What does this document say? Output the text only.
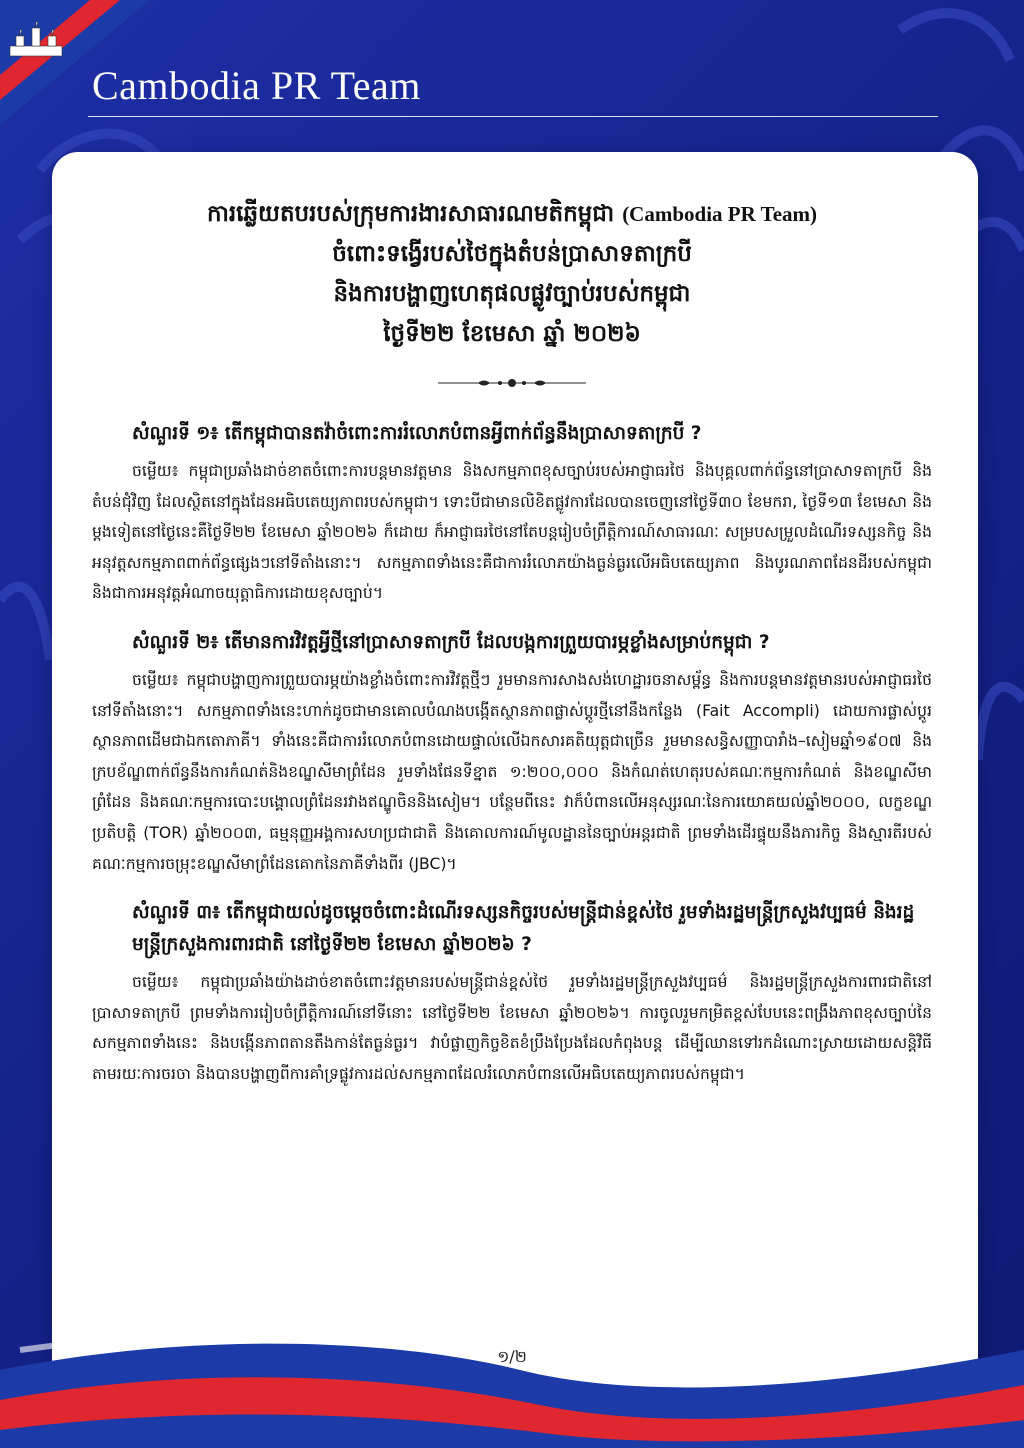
Cambodia PR Team

ការឆ្លើយតបរបស់ក្រុមការងារសាធារណមតិកម្ពុជា (Cambodia PR Team)

ចំពោះទង្វើរបស់ថៃក្នុងតំបន់ប្រាសាទតាក្របី

និងការបង្ហាញហេតុផលផ្លូវច្បាប់របស់កម្ពុជា

ថ្ងៃទី២២ ខែមេសា ឆ្នាំ ២០២៦

សំណួរទី ១៖ តើកម្ពុជាបានតវ៉ាចំពោះការរំលោភបំពានអ្វីពាក់ព័ន្ធនឹងប្រាសាទតាក្របី ?

ចម្លើយ៖ កម្ពុជាប្រឆាំងដាច់ខាតចំពោះការបន្តមានវត្តមាន និងសកម្មភាពខុសច្បាប់របស់អាជ្ញាធរថៃ និងបុគ្គលពាក់ព័ន្ធនៅប្រាសាទតាក្របី និងតំបន់ជុំវិញ ដែលស្ថិតនៅក្នុងដែនអធិបតេយ្យភាពរបស់កម្ពុជា។ ទោះបីជាមានលិខិតផ្លូវការដែលបានចេញនៅថ្ងៃទី៣០ ខែមករា, ថ្ងៃទី១៣ ខែមេសា និងម្តងទៀតនៅថ្ងៃនេះគឺថ្ងៃទី២២ ខែមេសា ឆ្នាំ២០២៦ ក៏ដោយ ក៏អាជ្ញាធរថៃនៅតែបន្តរៀបចំព្រឹត្តិការណ៍សាធារណៈ សម្របសម្រួលដំណើរទស្សនកិច្ច និងអនុវត្តសកម្មភាពពាក់ព័ន្ធផ្សេងៗនៅទីតាំងនោះ។ សកម្មភាពទាំងនេះគឺជាការរំលោភយ៉ាងធ្ងន់ធ្ងរលើអធិបតេយ្យភាព និងបូរណភាពដែនដីរបស់កម្ពុជា និងជាការអនុវត្តអំណាចយុត្តាធិការដោយខុសច្បាប់។

សំណួរទី ២៖ តើមានការវិវត្តអ្វីថ្មីនៅប្រាសាទតាក្របី ដែលបង្កការព្រួយបារម្ភខ្លាំងសម្រាប់កម្ពុជា ?

ចម្លើយ៖ កម្ពុជាបង្ហាញការព្រួយបារម្ភយ៉ាងខ្លាំងចំពោះការវិវត្តថ្មីៗ រួមមានការសាងសង់ហេដ្ឋារចនាសម្ព័ន្ធ និងការបន្តមានវត្តមានរបស់អាជ្ញាធរថៃនៅទីតាំងនោះ។ សកម្មភាពទាំងនេះហាក់ដូចជាមានគោលបំណងបង្កើតស្ថានភាពផ្លាស់ប្តូរថ្មីនៅនឹងកន្លែង (Fait Accompli) ដោយការផ្លាស់ប្តូរស្ថានភាពដើមជាឯកតោភាគី។ ទាំងនេះគឺជាការរំលោភបំពានដោយផ្ទាល់លើឯកសារគតិយុត្តជាច្រើន រួមមានសន្ធិសញ្ញាបារាំង–សៀមឆ្នាំ១៩០៧ និងក្របខ័ណ្ឌពាក់ព័ន្ធនឹងការកំណត់និងខណ្ឌសីមាព្រំដែន រួមទាំងផែនទីខ្នាត ១:២០០,០០០ និងកំណត់ហេតុរបស់គណៈកម្មការកំណត់ និងខណ្ឌសីមាព្រំដែន និងគណៈកម្មការបោះបង្គោលព្រំដែនរវាងឥណ្ឌូចិននិងសៀម។ បន្ថែមពីនេះ វាក៏បំពានលើអនុស្សរណៈនៃការយោគយល់ឆ្នាំ២០០០, លក្ខខណ្ឌប្រតិបត្តិ (TOR) ឆ្នាំ២០០៣, ធម្មនុញ្ញអង្គការសហប្រជាជាតិ និងគោលការណ៍មូលដ្ឋាននៃច្បាប់អន្តរជាតិ ព្រមទាំងដើរផ្ទុយនឹងភារកិច្ច និងស្មារតីរបស់គណៈកម្មការចម្រុះខណ្ឌសីមាព្រំដែនគោកនៃភាគីទាំងពីរ (JBC)។

សំណួរទី ៣៖ តើកម្ពុជាយល់ដូចម្តេចចំពោះដំណើរទស្សនកិច្ចរបស់មន្ត្រីជាន់ខ្ពស់ថៃ រួមទាំងរដ្ឋមន្ត្រីក្រសួងវប្បធម៌ និងរដ្ឋមន្ត្រីក្រសួងការពារជាតិ នៅថ្ងៃទី២២ ខែមេសា ឆ្នាំ២០២៦ ?

ចម្លើយ៖ កម្ពុជាប្រឆាំងយ៉ាងដាច់ខាតចំពោះវត្តមានរបស់មន្ត្រីជាន់ខ្ពស់ថៃ រួមទាំងរដ្ឋមន្ត្រីក្រសួងវប្បធម៌ និងរដ្ឋមន្ត្រីក្រសួងការពារជាតិនៅប្រាសាទតាក្របី ព្រមទាំងការរៀបចំព្រឹត្តិការណ៍នៅទីនោះ នៅថ្ងៃទី២២ ខែមេសា ឆ្នាំ២០២៦។ ការចូលរួមកម្រិតខ្ពស់បែបនេះពង្រឹងភាពខុសច្បាប់នៃសកម្មភាពទាំងនេះ និងបង្កើនភាពតានតឹងកាន់តែធ្ងន់ធ្ងរ។ វាបំផ្លាញកិច្ចខិតខំប្រឹងប្រែងដែលកំពុងបន្ត ដើម្បីឈានទៅរកដំណោះស្រាយដោយសន្តិវិធីតាមរយៈការចរចា និងបានបង្ហាញពីការគាំទ្រផ្លូវការដល់សកម្មភាពដែលរំលោភបំពានលើអធិបតេយ្យភាពរបស់កម្ពុជា។

១/២
